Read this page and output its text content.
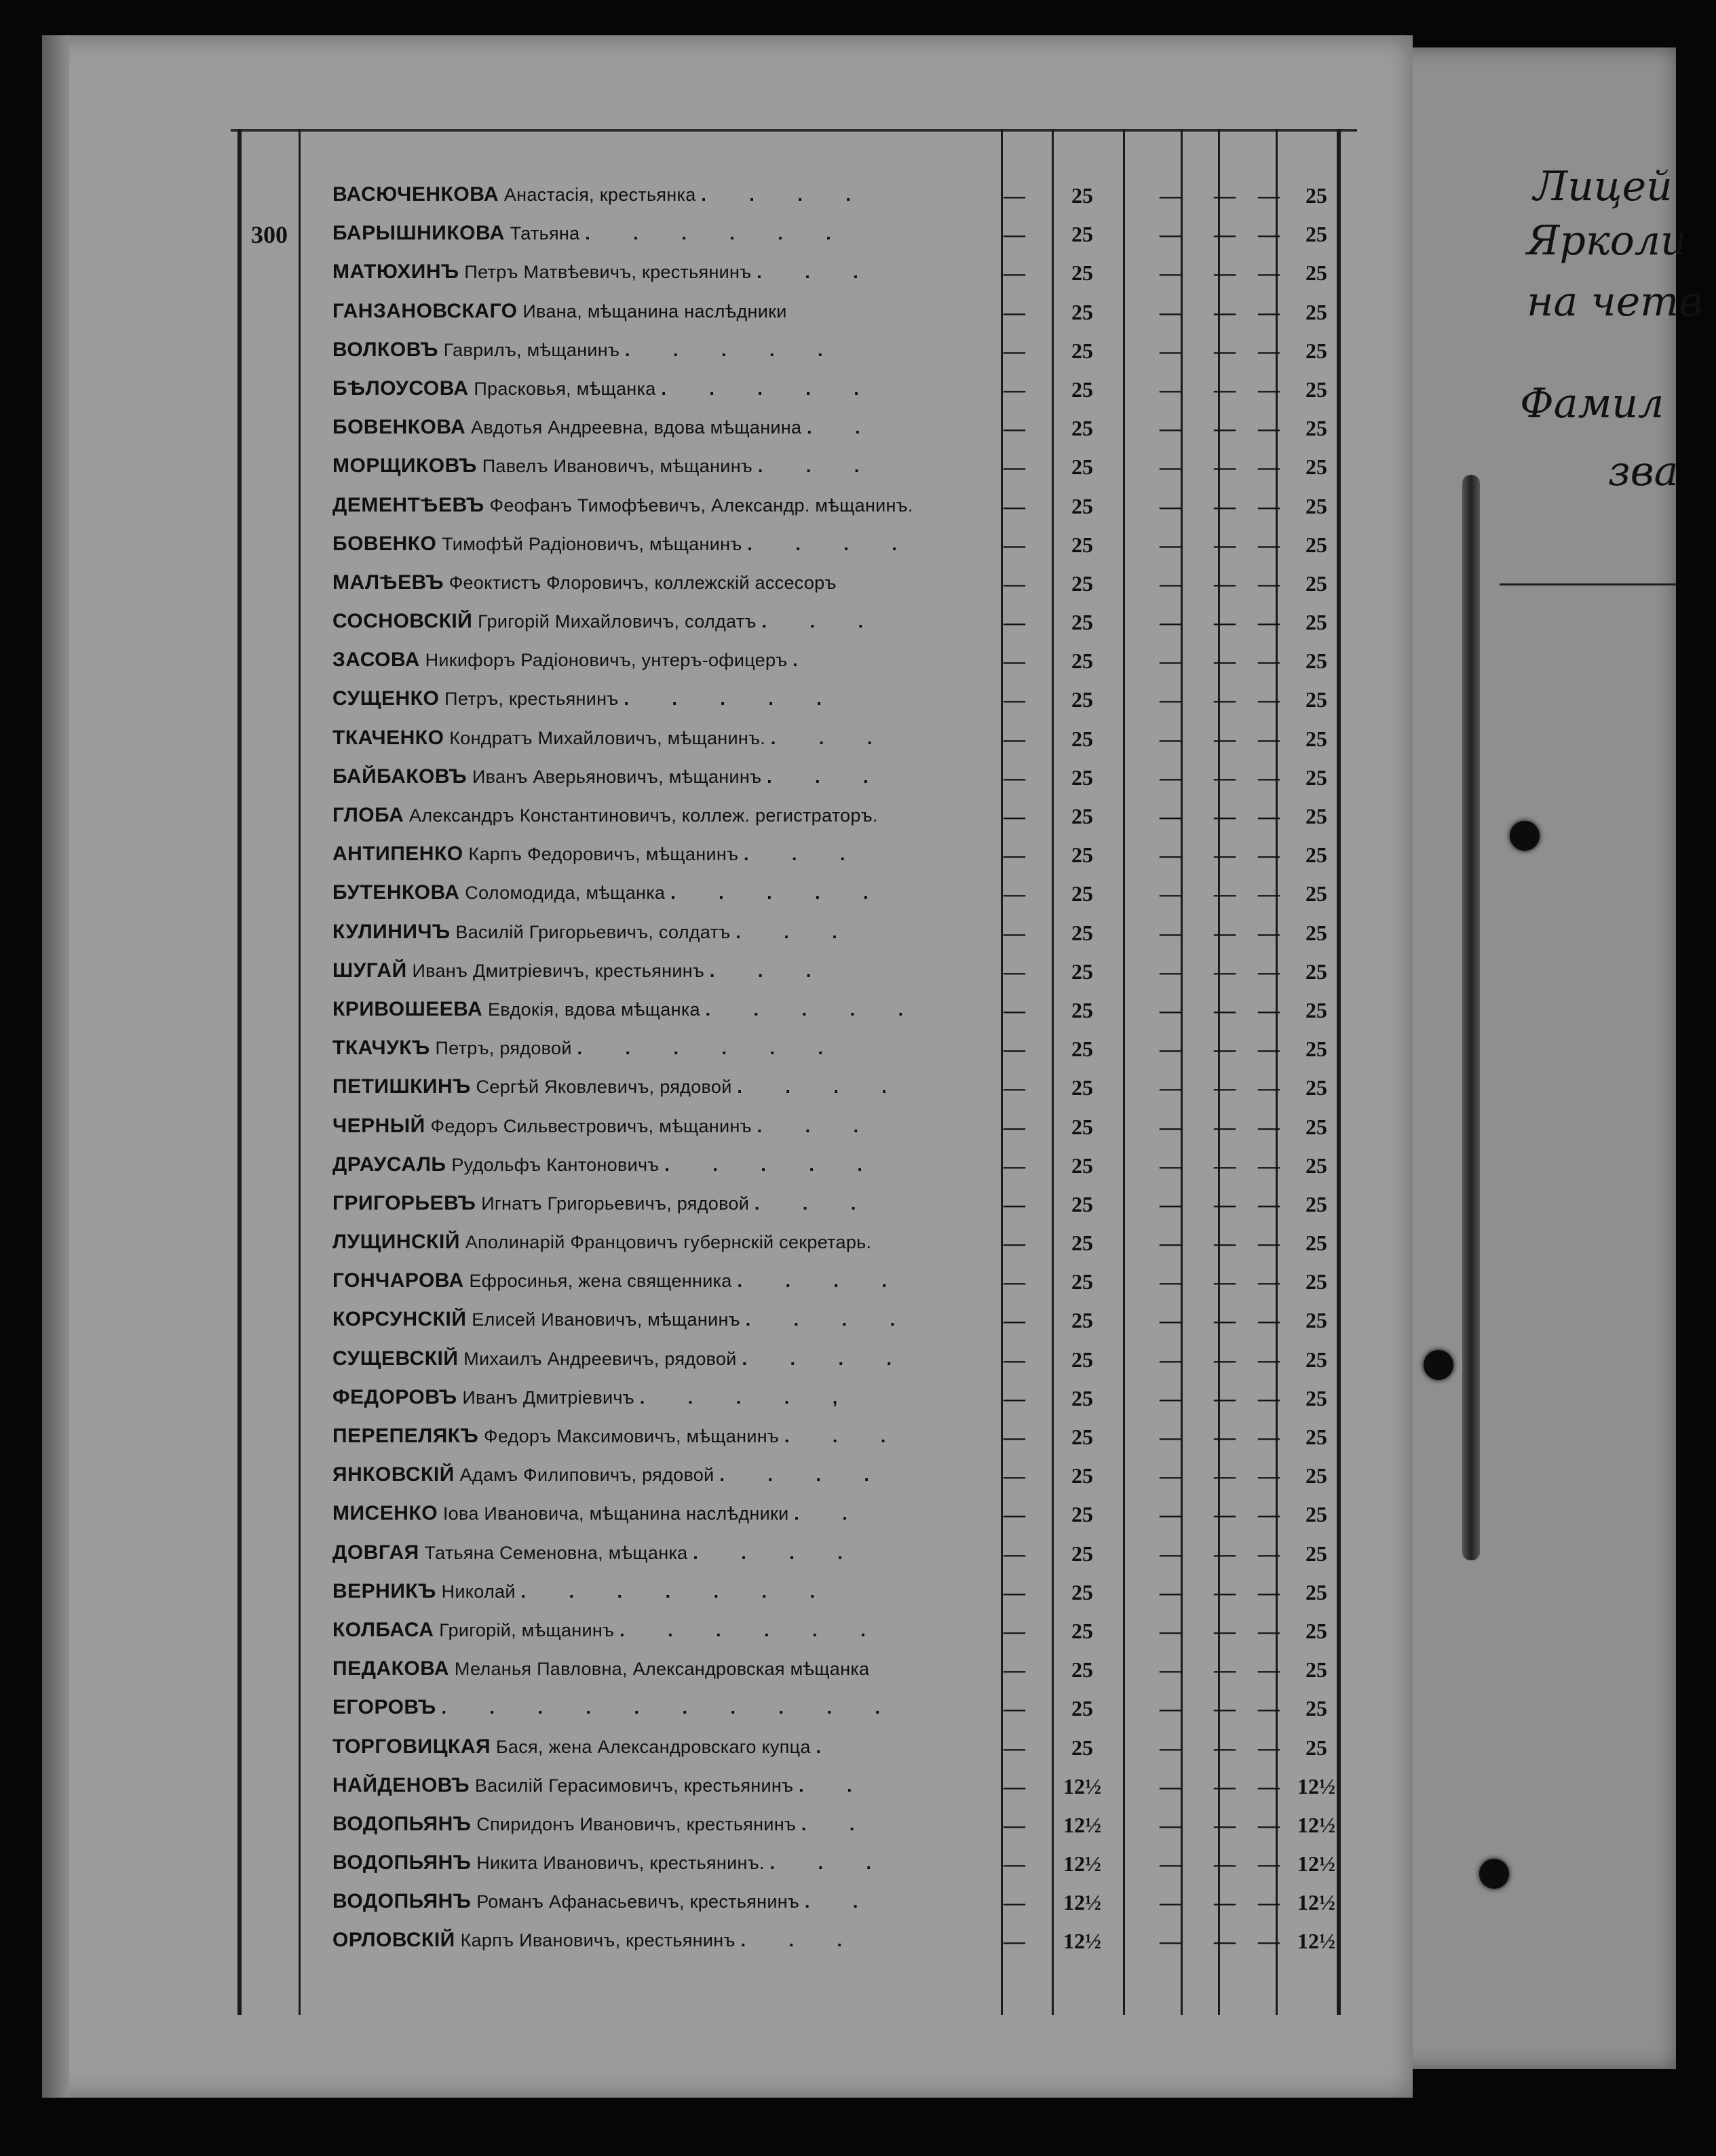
ВАСЮЧЕНКОВА Анастасія, крестьянка . . . .	—	25	—	—	—	25
300 БАРЫШНИКОВА Татьяна . . . . . .	—	25	—	—	—	25
МАТЮХИНЪ Петръ Матвѣевичъ, крестьянинъ . . .	—	25	—	—	—	25
ГАНЗАНОВСКАГО Ивана, мѣщанина наслѣдники	—	25	—	—	—	25
ВОЛКОВЪ Гаврилъ, мѣщанинъ . . . . .	—	25	—	—	—	25
БѢЛОУСОВА Прасковья, мѣщанка . . . . .	—	25	—	—	—	25
БОВЕНКОВА Авдотья Андреевна, вдова мѣщанина . .	—	25	—	—	—	25
МОРЩИКОВЪ Павелъ Ивановичъ, мѣщанинъ . . .	—	25	—	—	—	25
ДЕМЕНТѢЕВЪ Феофанъ Тимофѣевичъ, Александр. мѣщанинъ.	—	25	—	—	—	25
БОВЕНКО Тимофѣй Радіоновичъ, мѣщанинъ . . . .	—	25	—	—	—	25
МАЛѢЕВЪ Феоктистъ Флоровичъ, коллежскій ассесоръ	—	25	—	—	—	25
СОСНОВСКІЙ Григорій Михайловичъ, солдатъ . . .	—	25	—	—	—	25
ЗАСОВА Никифоръ Радіоновичъ, унтеръ-офицеръ .	—	25	—	—	—	25
СУЩЕНКО Петръ, крестьянинъ . . . . .	—	25	—	—	—	25
ТКАЧЕНКО Кондратъ Михайловичъ, мѣщанинъ. . . .	—	25	—	—	—	25
БАЙБАКОВЪ Иванъ Аверьяновичъ, мѣщанинъ . . .	—	25	—	—	—	25
ГЛОБА Александръ Константиновичъ, коллеж. регистраторъ.	—	25	—	—	—	25
АНТИПЕНКО Карпъ Федоровичъ, мѣщанинъ . . .	—	25	—	—	—	25
БУТЕНКОВА Соломодида, мѣщанка . . . . .	—	25	—	—	—	25
КУЛИНИЧЪ Василій Григорьевичъ, солдатъ . . .	—	25	—	—	—	25
ШУГАЙ Иванъ Дмитріевичъ, крестьянинъ . . .	—	25	—	—	—	25
КРИВОШЕЕВА Евдокія, вдова мѣщанка . . . . .	—	25	—	—	—	25
ТКАЧУКЪ Петръ, рядовой . . . . . .	—	25	—	—	—	25
ПЕТИШКИНЪ Сергѣй Яковлевичъ, рядовой . . . .	—	25	—	—	—	25
ЧЕРНЫЙ Федоръ Сильвестровичъ, мѣщанинъ . . .	—	25	—	—	—	25
ДРАУСАЛЬ Рудольфъ Кантоновичъ . . . . .	—	25	—	—	—	25
ГРИГОРЬЕВЪ Игнатъ Григорьевичъ, рядовой . . .	—	25	—	—	—	25
ЛУЩИНСКІЙ Аполинарій Францовичъ губернскій секретарь.	—	25	—	—	—	25
ГОНЧАРОВА Ефросинья, жена священника . . . .	—	25	—	—	—	25
КОРСУНСКІЙ Елисей Ивановичъ, мѣщанинъ . . . .	—	25	—	—	—	25
СУЩЕВСКІЙ Михаилъ Андреевичъ, рядовой . . . .	—	25	—	—	—	25
ФЕДОРОВЪ Иванъ Дмитріевичъ . . . . ,	—	25	—	—	—	25
ПЕРЕПЕЛЯКЪ Федоръ Максимовичъ, мѣщанинъ . . .	—	25	—	—	—	25
ЯНКОВСКІЙ Адамъ Филиповичъ, рядовой . . . .	—	25	—	—	—	25
МИСЕНКО Іова Ивановича, мѣщанина наслѣдники . .	—	25	—	—	—	25
ДОВГАЯ Татьяна Семеновна, мѣщанка . . . .	—	25	—	—	—	25
ВЕРНИКЪ Николай . . . . . . .	—	25	—	—	—	25
КОЛБАСА Григорій, мѣщанинъ . . . . . .	—	25	—	—	—	25
ПЕДАКОВА Меланья Павловна, Александровская мѣщанка	—	25	—	—	—	25
ЕГОРОВЪ . . . . . . . . . .	—	25	—	—	—	25
ТОРГОВИЦКАЯ Бася, жена Александровскаго купца .	—	25	—	—	—	25
НАЙДЕНОВЪ Василій Герасимовичъ, крестьянинъ . .	—	12½	—	—	— 12½
ВОДОПЬЯНЪ Спиридонъ Ивановичъ, крестьянинъ . .	—	12½	—	—	— 12½
ВОДОПЬЯНЪ Никита Ивановичъ, крестьянинъ. . . .	—	12½	—	—	— 12½
ВОДОПЬЯНЪ Романъ Афанасьевичъ, крестьянинъ . .	—	12½	—	—	— 12½
ОРЛОВСКІЙ Карпъ Ивановичъ, крестьянинъ . . .	—	12½	—	—	— 12½
Лицей
Ярколи
на четв
Фамил
звa
